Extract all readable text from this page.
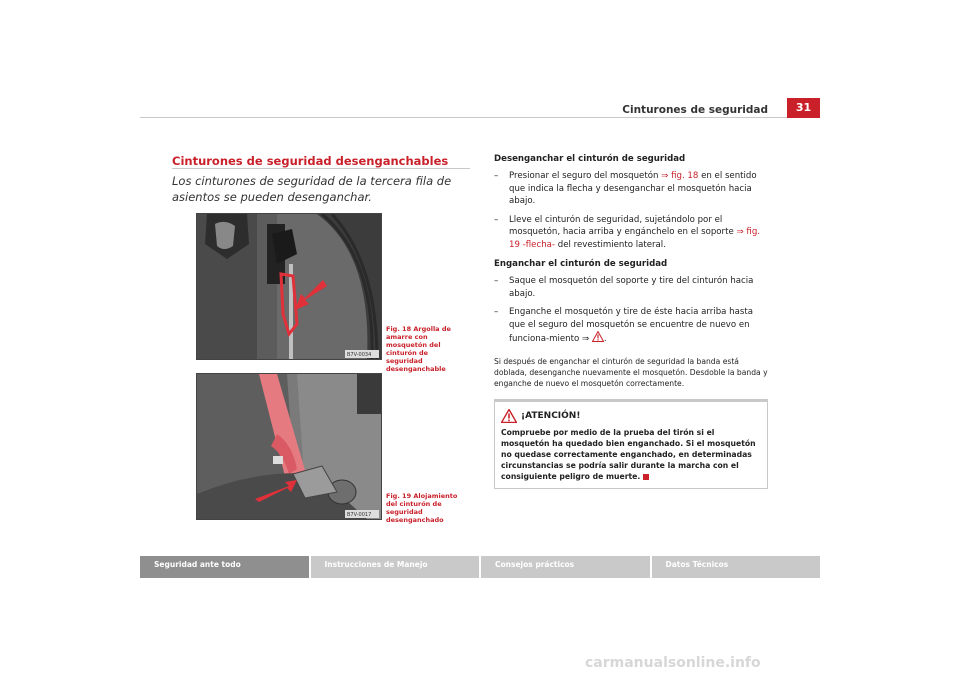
Cinturones de seguridad	31
Cinturones de seguridad desenganchables
Los cinturones de seguridad de la tercera fila de asientos se pueden desenganchar.
B7V-0034
Fig. 18 Argolla de amarre con mosquetón del cinturón de seguridad desenganchable
B7V-0017
Fig. 19 Alojamiento del cinturón de seguridad desenganchado
Desenganchar el cinturón de seguridad
– Presionar el seguro del mosquetón ⇒ fig. 18 en el sentido que indica la flecha y desenganchar el mosquetón hacia abajo.
– Lleve el cinturón de seguridad, sujetándolo por el mosquetón, hacia arriba y engánchelo en el soporte ⇒ fig. 19 -flecha- del revestimiento lateral.
Enganchar el cinturón de seguridad
– Saque el mosquetón del soporte y tire del cinturón hacia abajo.
– Enganche el mosquetón y tire de éste hacia arriba hasta que el seguro del mosquetón se encuentre de nuevo en funciona-miento ⇒ .
Si después de enganchar el cinturón de seguridad la banda está doblada, desenganche nuevamente el mosquetón. Desdoble la banda y enganche de nuevo el mosquetón correctamente.
¡ATENCIÓN!
Compruebe por medio de la prueba del tirón si el mosquetón ha quedado bien enganchado. Si el mosquetón no quedase correctamente enganchado, en determinadas circunstancias se podría salir durante la marcha con el consiguiente peligro de muerte.
Seguridad ante todo	Instrucciones de Manejo	Consejos prácticos	Datos Técnicos
carmanualsonline.info
